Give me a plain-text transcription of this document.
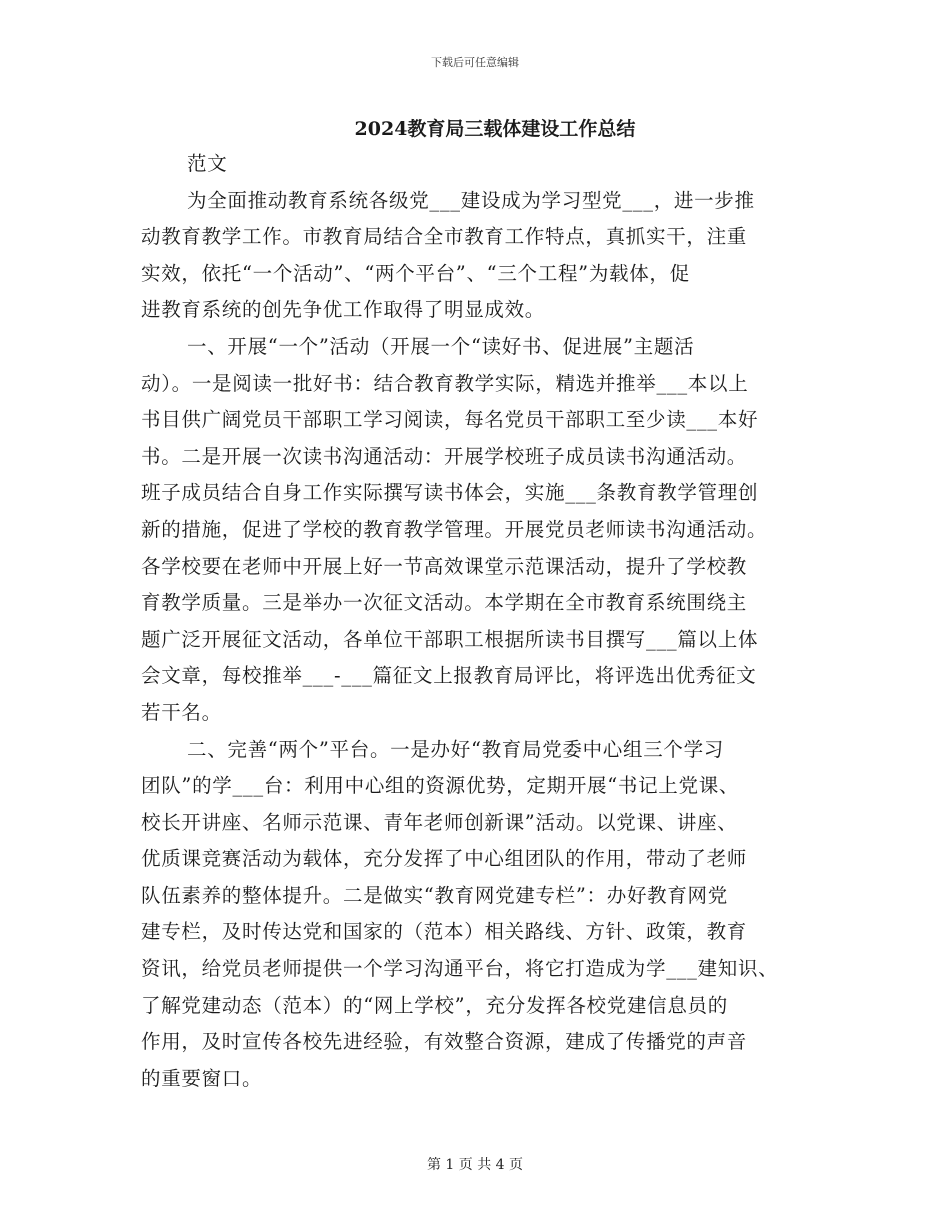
下载后可任意编辑
2024教育局三载体建设工作总结
范文
为全面推动教育系统各级党___建设成为学习型党___，进一步推
动教育教学工作。市教育局结合全市教育工作特点，真抓实干，注重
实效，依托“一个活动”、“两个平台”、“三个工程”为载体，促
进教育系统的创先争优工作取得了明显成效。
一、开展“一个”活动（开展一个“读好书、促进展”主题活
动）。一是阅读一批好书：结合教育教学实际，精选并推举___本以上
书目供广阔党员干部职工学习阅读，每名党员干部职工至少读___本好
书。二是开展一次读书沟通活动：开展学校班子成员读书沟通活动。
班子成员结合自身工作实际撰写读书体会，实施___条教育教学管理创
新的措施，促进了学校的教育教学管理。开展党员老师读书沟通活动。
各学校要在老师中开展上好一节高效课堂示范课活动，提升了学校教
育教学质量。三是举办一次征文活动。本学期在全市教育系统围绕主
题广泛开展征文活动，各单位干部职工根据所读书目撰写___篇以上体
会文章，每校推举___-___篇征文上报教育局评比，将评选出优秀征文
若干名。
二、完善“两个”平台。一是办好“教育局党委中心组三个学习
团队”的学___台：利用中心组的资源优势，定期开展“书记上党课、
校长开讲座、名师示范课、青年老师创新课”活动。以党课、讲座、
优质课竞赛活动为载体，充分发挥了中心组团队的作用，带动了老师
队伍素养的整体提升。二是做实“教育网党建专栏”：办好教育网党
建专栏，及时传达党和国家的（范本）相关路线、方针、政策，教育
资讯，给党员老师提供一个学习沟通平台，将它打造成为学___建知识、
了解党建动态（范本）的“网上学校”，充分发挥各校党建信息员的
作用，及时宣传各校先进经验，有效整合资源，建成了传播党的声音
的重要窗口。
第 1 页 共 4 页
